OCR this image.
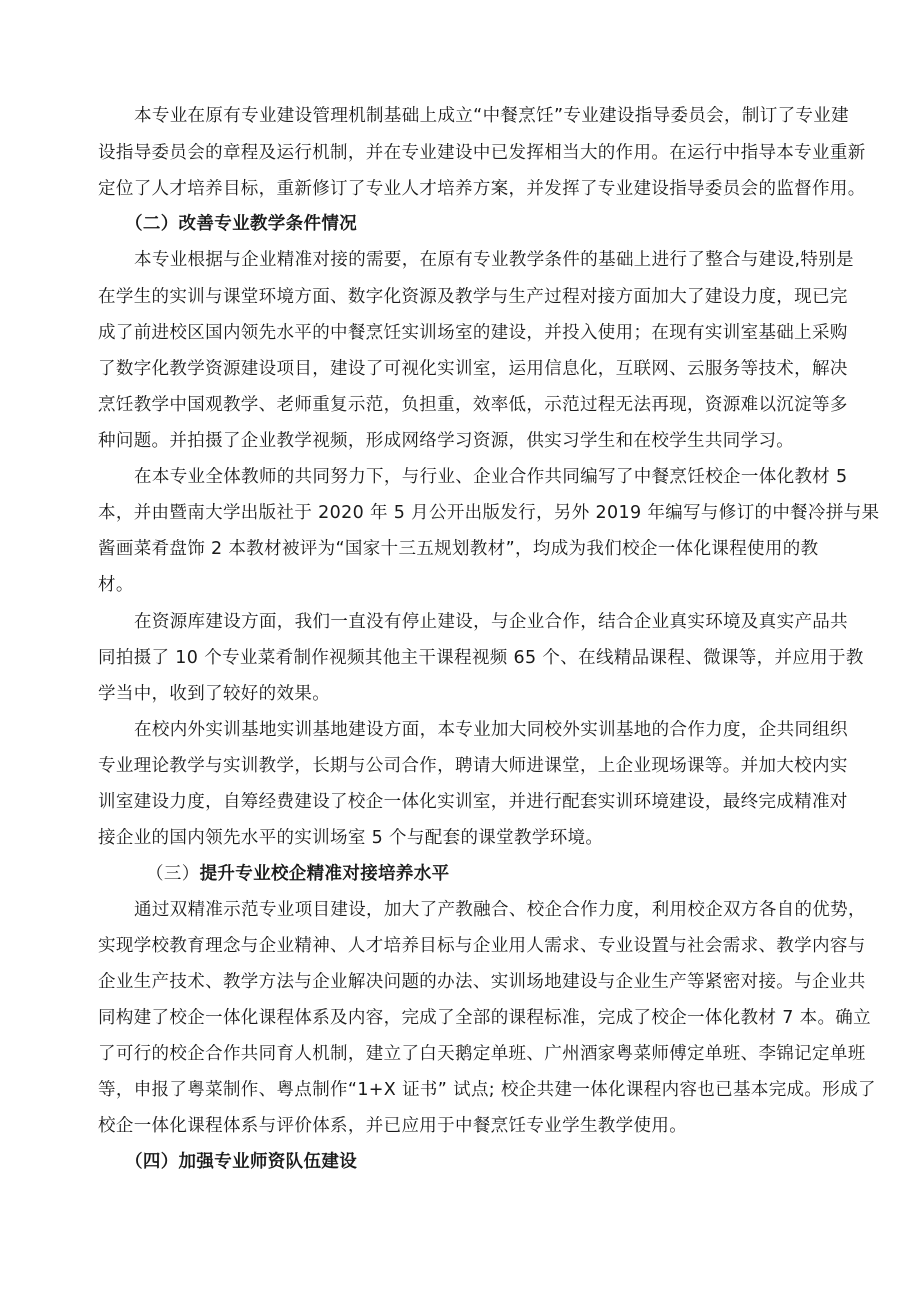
本专业在原有专业建设管理机制基础上成立“中餐烹饪”专业建设指导委员会，制订了专业建
设指导委员会的章程及运行机制，并在专业建设中已发挥相当大的作用。在运行中指导本专业重新
定位了人才培养目标，重新修订了专业人才培养方案，并发挥了专业建设指导委员会的监督作用。
（二）改善专业教学条件情况
本专业根据与企业精准对接的需要，在原有专业教学条件的基础上进行了整合与建设,特别是
在学生的实训与课堂环境方面、数字化资源及教学与生产过程对接方面加大了建设力度，现已完
成了前进校区国内领先水平的中餐烹饪实训场室的建设，并投入使用；在现有实训室基础上采购
了数字化教学资源建设项目，建设了可视化实训室，运用信息化，互联网、云服务等技术，解决
烹饪教学中国观教学、老师重复示范，负担重，效率低，示范过程无法再现，资源难以沉淀等多
种问题。并拍摄了企业教学视频，形成网络学习资源，供实习学生和在校学生共同学习。
在本专业全体教师的共同努力下，与行业、企业合作共同编写了中餐烹饪校企一体化教材 5
本，并由暨南大学出版社于 2020 年 5 月公开出版发行，另外 2019 年编写与修订的中餐冷拼与果
酱画菜肴盘饰 2 本教材被评为“国家十三五规划教材”，均成为我们校企一体化课程使用的教
材。
在资源库建设方面，我们一直没有停止建设，与企业合作，结合企业真实环境及真实产品共
同拍摄了 10 个专业菜肴制作视频其他主干课程视频 65 个、在线精品课程、微课等，并应用于教
学当中，收到了较好的效果。
在校内外实训基地实训基地建设方面，本专业加大同校外实训基地的合作力度，企共同组织
专业理论教学与实训教学，长期与公司合作，聘请大师进课堂，上企业现场课等。并加大校内实
训室建设力度，自筹经费建设了校企一体化实训室，并进行配套实训环境建设，最终完成精准对
接企业的国内领先水平的实训场室 5 个与配套的课堂教学环境。
（三）提升专业校企精准对接培养水平
通过双精准示范专业项目建设，加大了产教融合、校企合作力度，利用校企双方各自的优势，
实现学校教育理念与企业精神、人才培养目标与企业用人需求、专业设置与社会需求、教学内容与
企业生产技术、教学方法与企业解决问题的办法、实训场地建设与企业生产等紧密对接。与企业共
同构建了校企一体化课程体系及内容，完成了全部的课程标准，完成了校企一体化教材 7 本。确立
了可行的校企合作共同育人机制，建立了白天鹅定单班、广州酒家粤菜师傅定单班、李锦记定单班
等，申报了粤菜制作、粤点制作“1+X 证书” 试点; 校企共建一体化课程内容也已基本完成。形成了
校企一体化课程体系与评价体系，并已应用于中餐烹饪专业学生教学使用。
（四）加强专业师资队伍建设
